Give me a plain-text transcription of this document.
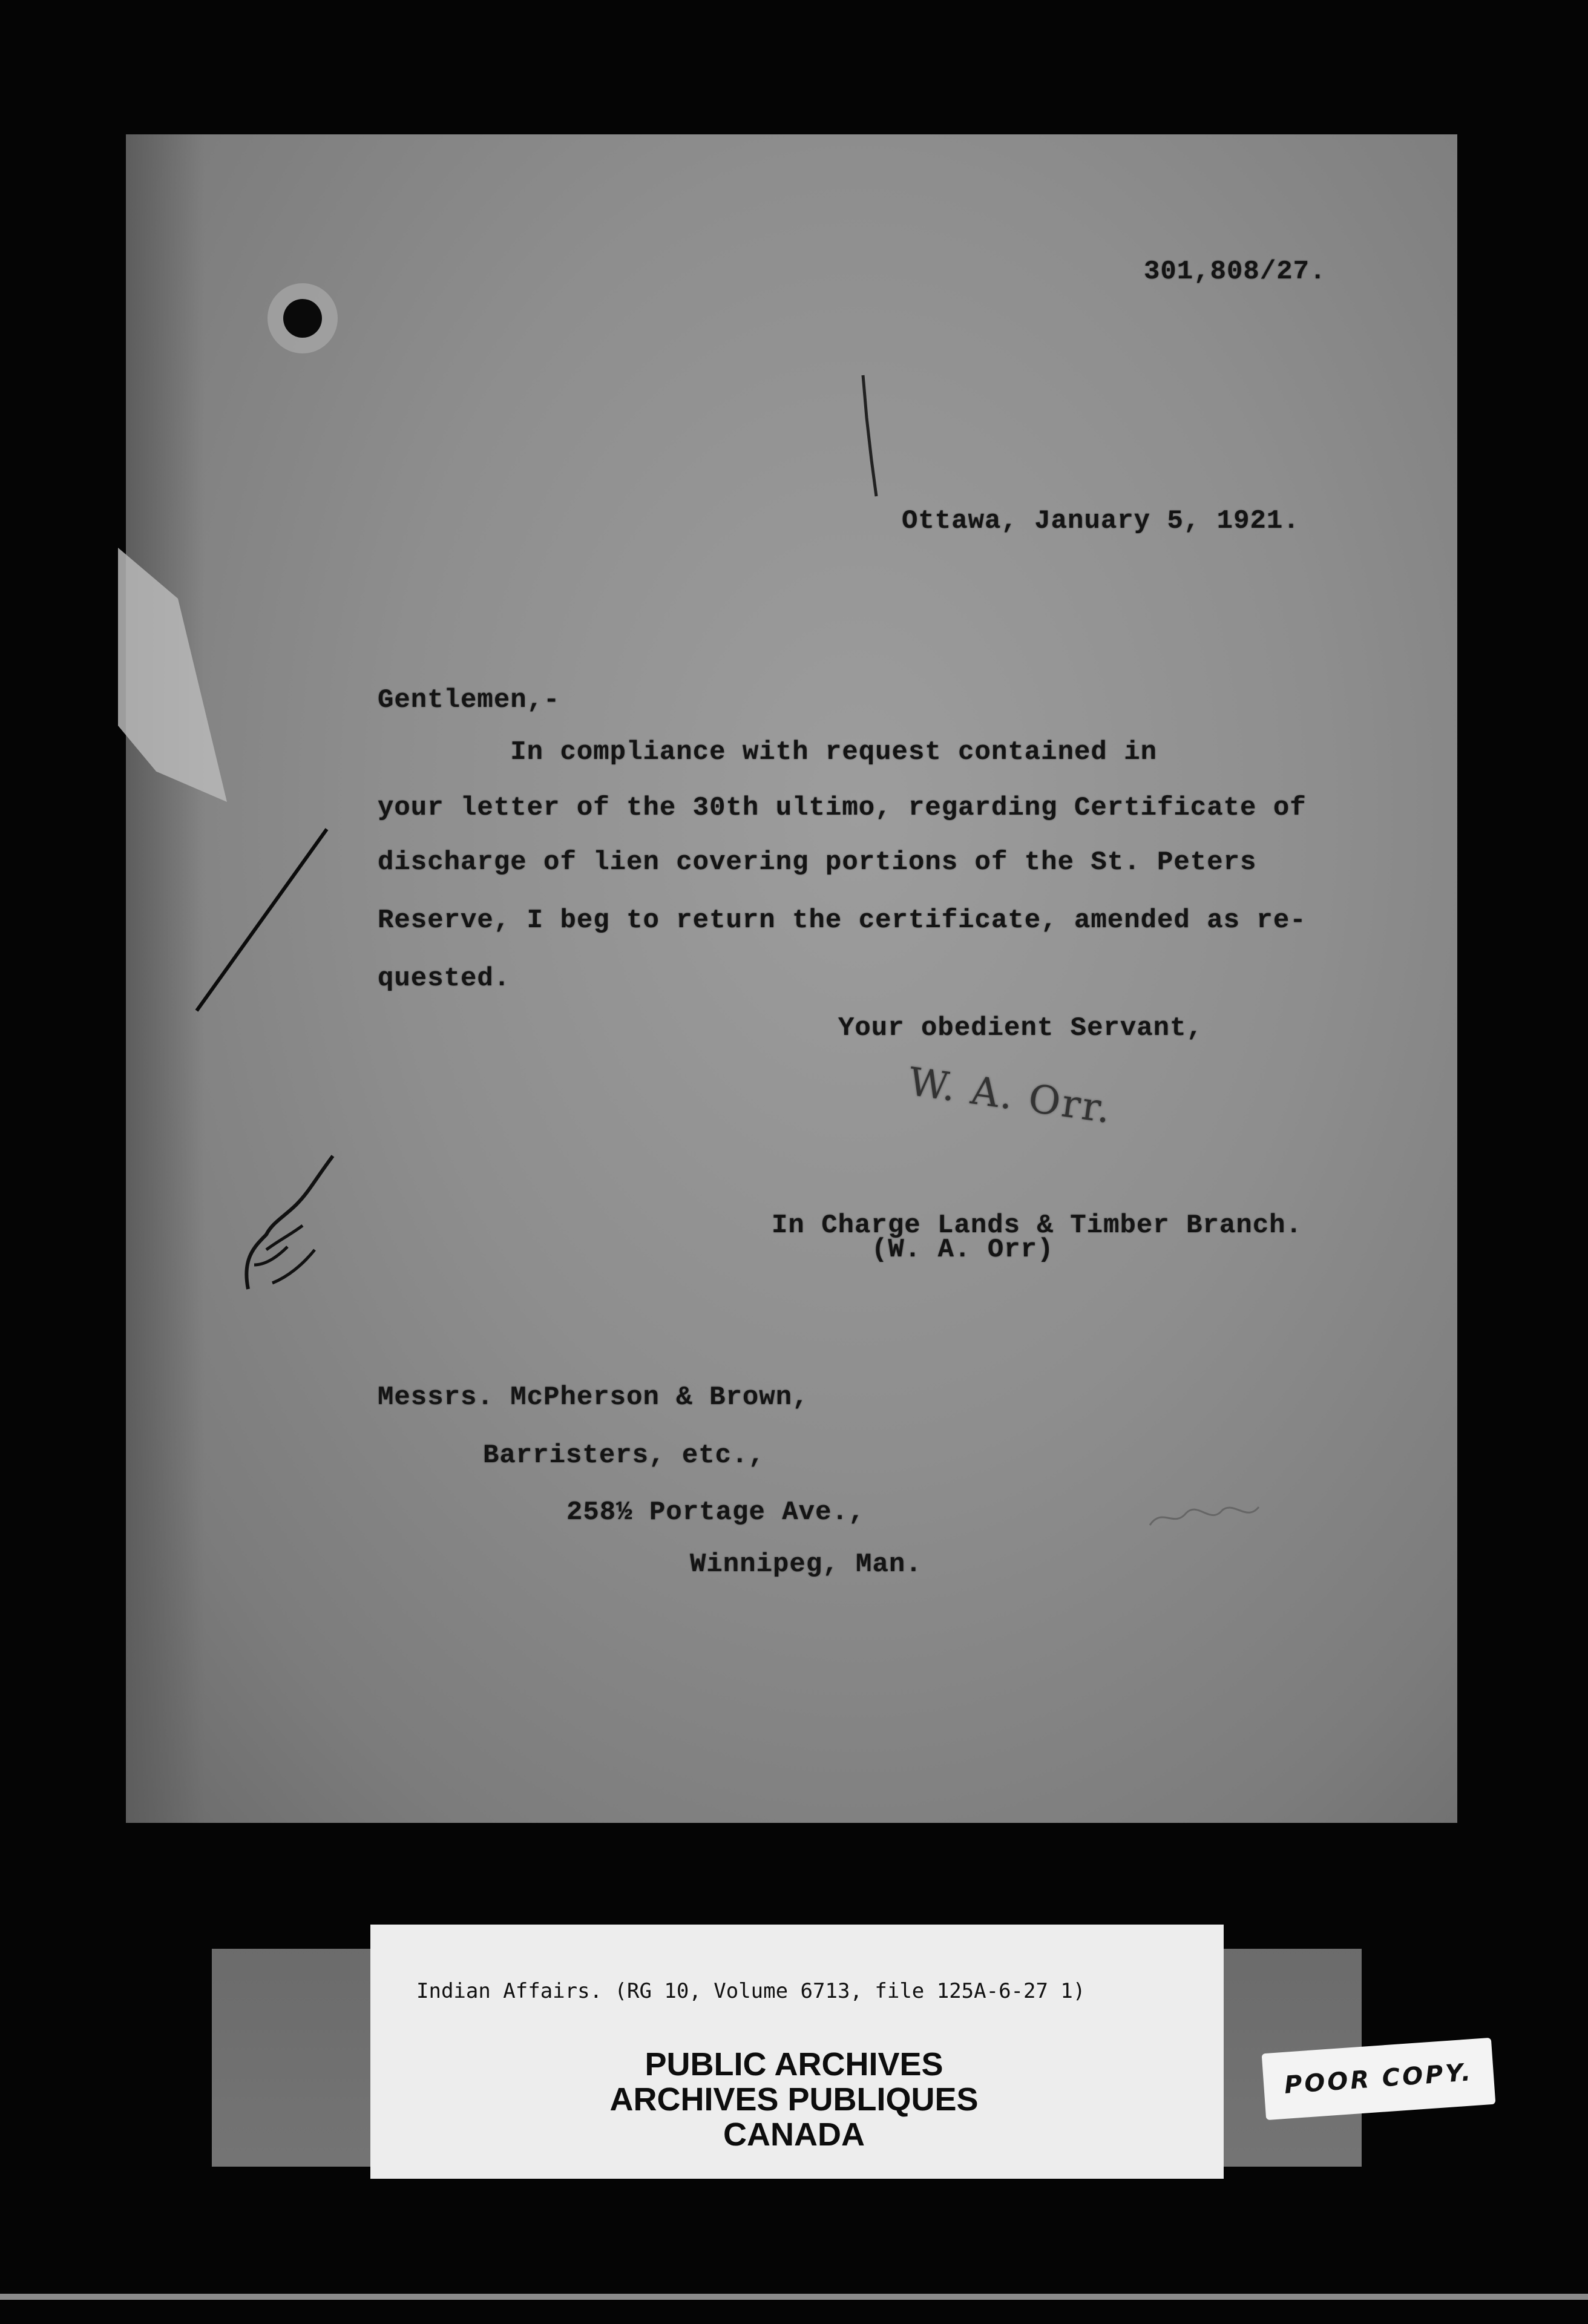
301,808/27.
Ottawa, January 5, 1921.
Gentlemen,-
In compliance with request contained in
your letter of the 30th ultimo, regarding Certificate of
discharge of lien covering portions of the St. Peters
Reserve, I beg to return the certificate, amended as re-
quested.
Your obedient Servant,
W. A. Orr.
In Charge Lands & Timber Branch.
(W. A. Orr)
Messrs. McPherson & Brown,
Barristers, etc.,
258½ Portage Ave.,
Winnipeg, Man.
Indian Affairs. (RG 10, Volume 6713, file 125A-6-27 1)
PUBLIC ARCHIVES
ARCHIVES PUBLIQUES
CANADA
POOR COPY.
